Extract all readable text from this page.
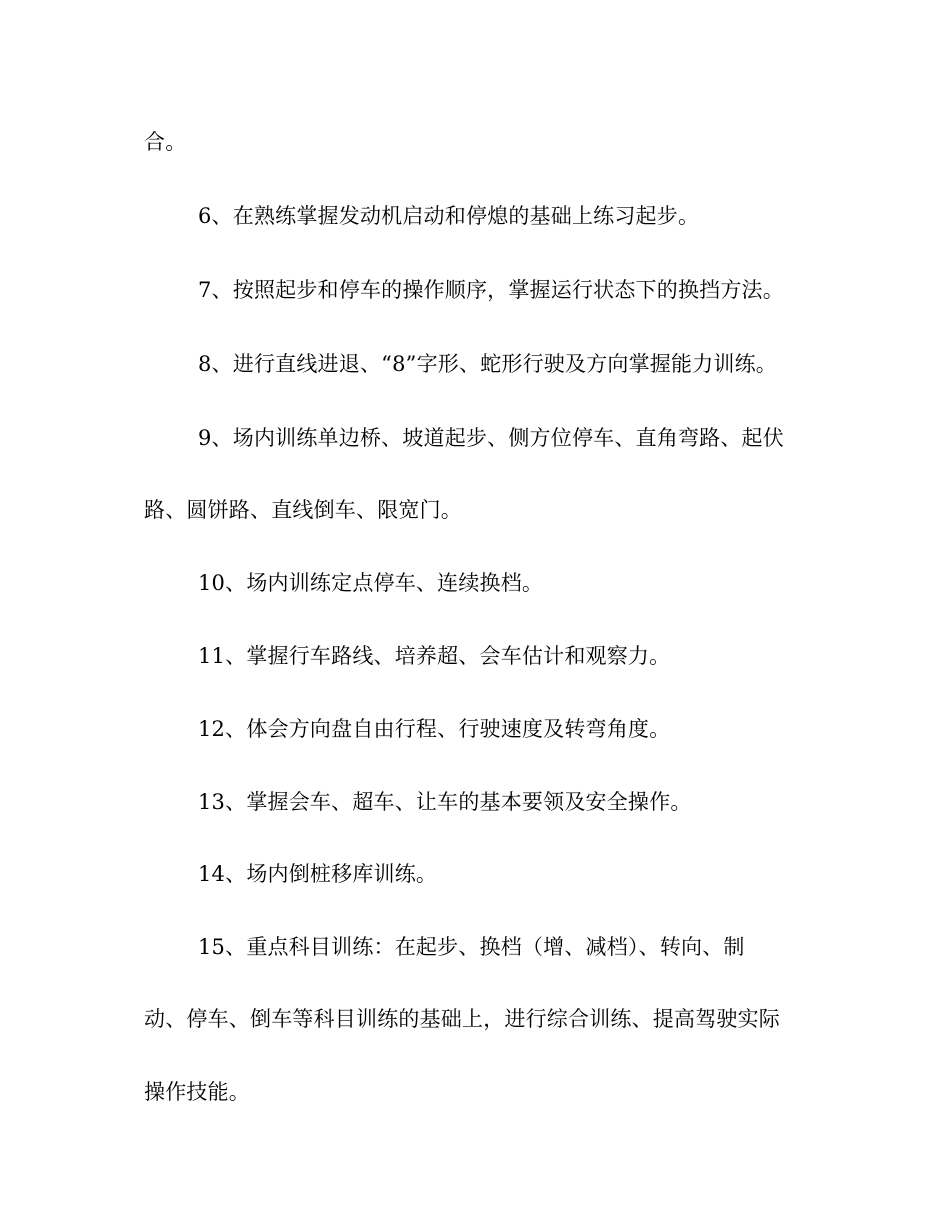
合。
6、在熟练掌握发动机启动和停熄的基础上练习起步。
7、按照起步和停车的操作顺序，掌握运行状态下的换挡方法。
8、进行直线进退、“8”字形、蛇形行驶及方向掌握能力训练。
9、场内训练单边桥、坡道起步、侧方位停车、直角弯路、起伏
路、圆饼路、直线倒车、限宽门。
10、场内训练定点停车、连续换档。
11、掌握行车路线、培养超、会车估计和观察力。
12、体会方向盘自由行程、行驶速度及转弯角度。
13、掌握会车、超车、让车的基本要领及安全操作。
14、场内倒桩移库训练。
15、重点科目训练：在起步、换档（增、减档）、转向、制
动、停车、倒车等科目训练的基础上，进行综合训练、提高驾驶实际
操作技能。
